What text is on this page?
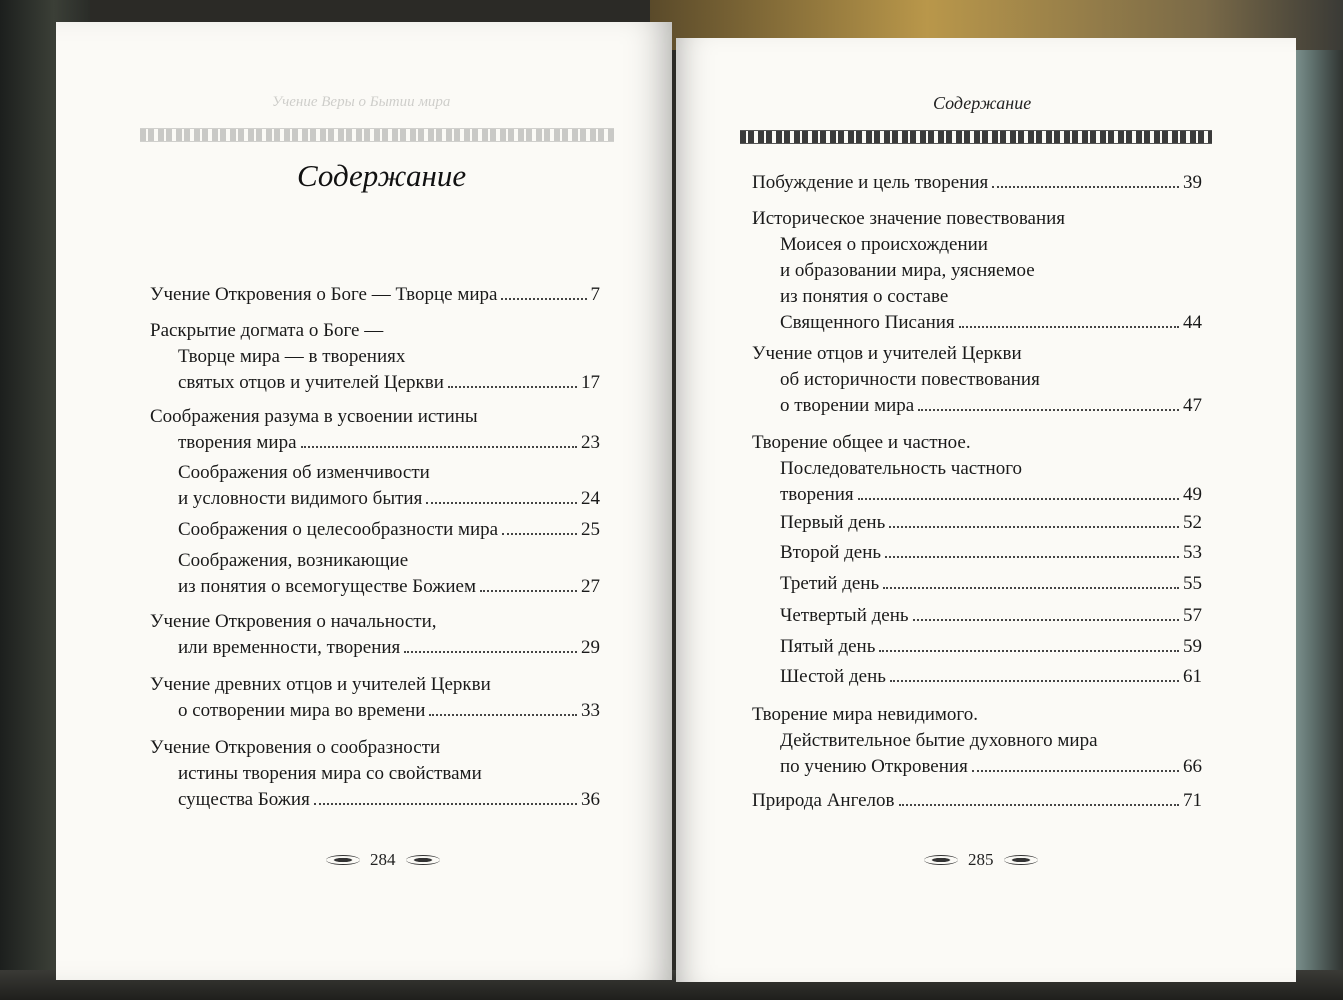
Учение Веры о Бытии мира
Содержание
Учение Откровения о Боге — Творце мира	7
Раскрытие догмата о Боге —
Творце мира — в творениях
святых отцов и учителей Церкви	17
Соображения разума в усвоении истины
творения мира	23
Соображения об изменчивости
и условности видимого бытия	24
Соображения о целесообразности мира	25
Соображения, возникающие
из понятия о всемогуществе Божием	27
Учение Откровения о начальности,
или временности, творения	29
Учение древних отцов и учителей Церкви
о сотворении мира во времени	33
Учение Откровения о сообразности
истины творения мира со свойствами
существа Божия	36
284
Содержание
Побуждение и цель творения	39
Историческое значение повествования
Моисея о происхождении
и образовании мира, уясняемое
из понятия о составе
Священного Писания	44
Учение отцов и учителей Церкви
об историчности повествования
о творении мира	47
Творение общее и частное.
Последовательность частного
творения	49
Первый день	52
Второй день	53
Третий день	55
Четвертый день	57
Пятый день	59
Шестой день	61
Творение мира невидимого.
Действительное бытие духовного мира
по учению Откровения	66
Природа Ангелов	71
285
